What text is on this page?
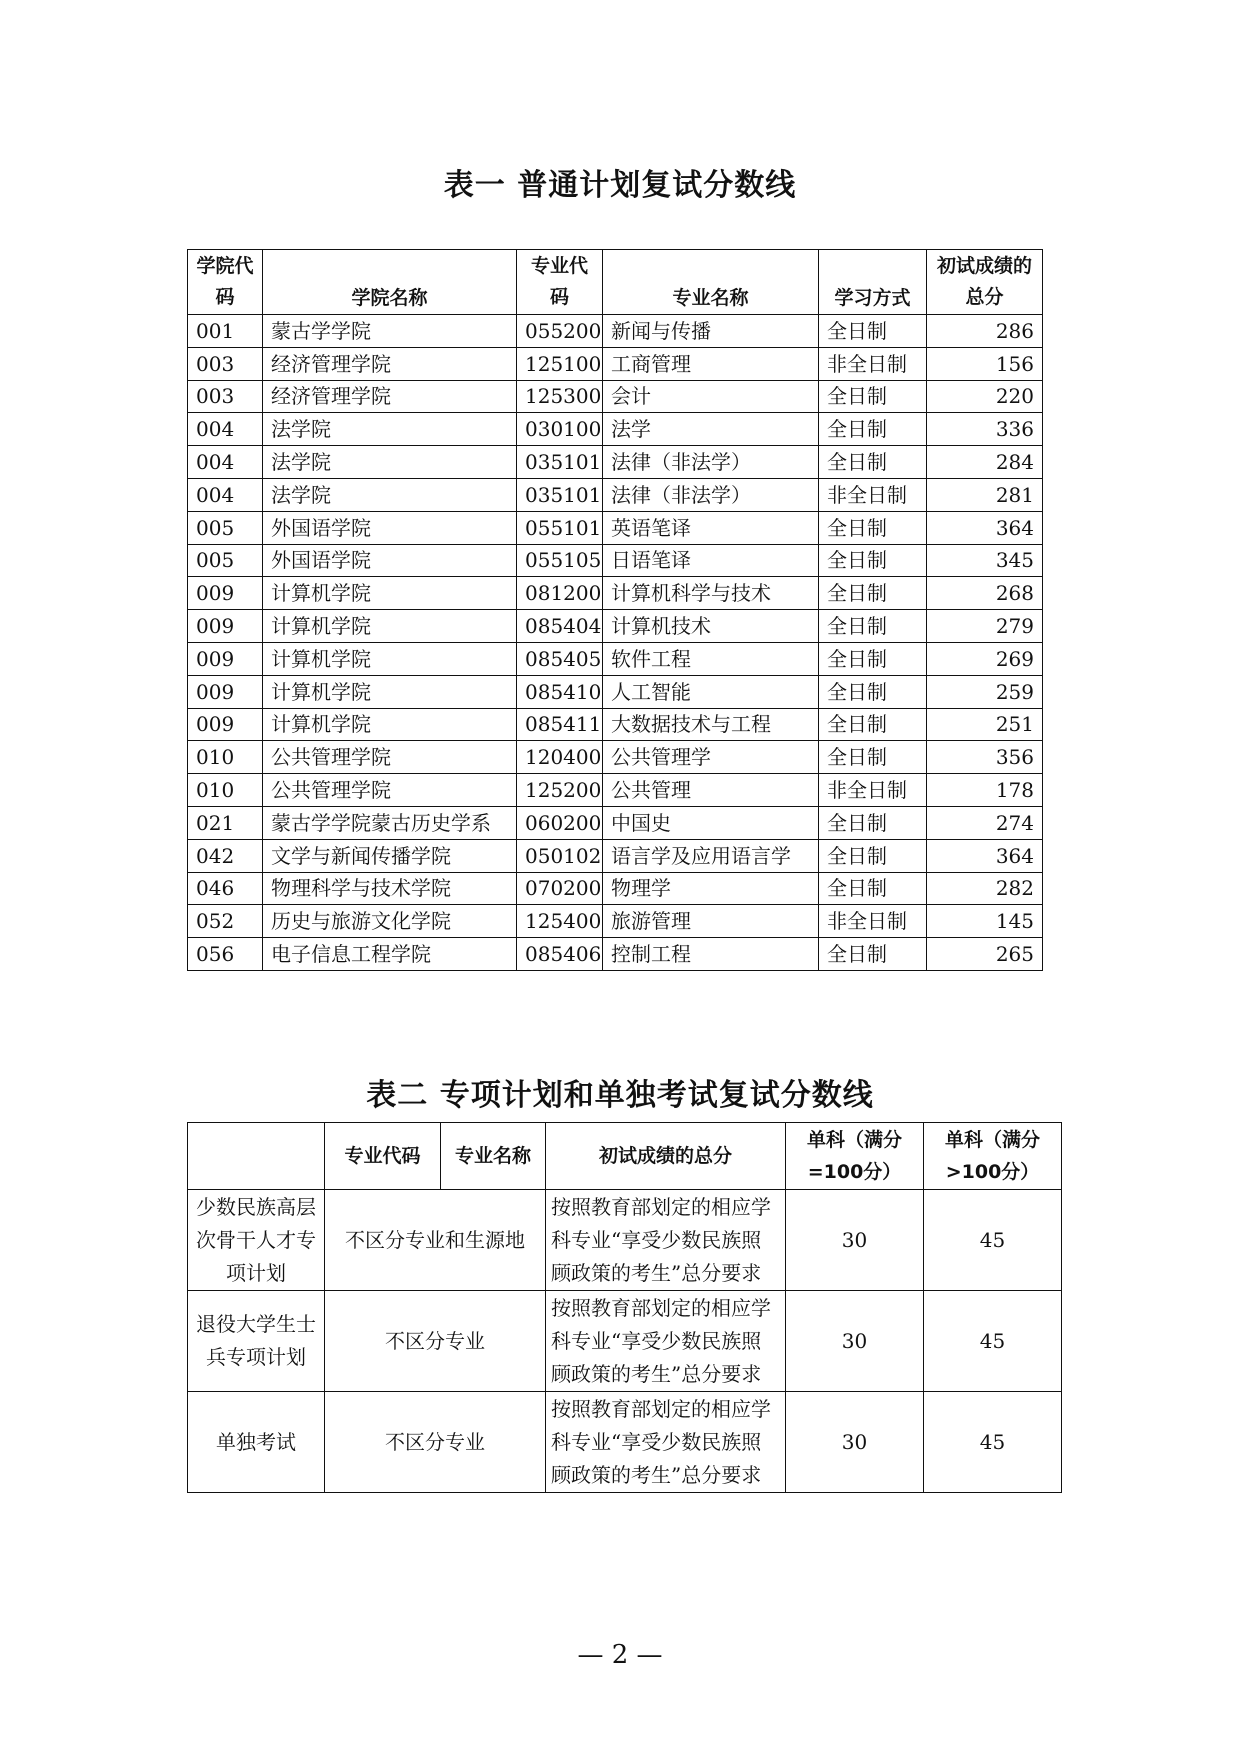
表一 普通计划复试分数线
学院代码	学院名称	专业代码	专业名称	学习方式	初试成绩的总分
001	蒙古学学院	055200	新闻与传播	全日制	286
003	经济管理学院	125100	工商管理	非全日制	156
003	经济管理学院	125300	会计	全日制	220
004	法学院	030100	法学	全日制	336
004	法学院	035101	法律（非法学）	全日制	284
004	法学院	035101	法律（非法学）	非全日制	281
005	外国语学院	055101	英语笔译	全日制	364
005	外国语学院	055105	日语笔译	全日制	345
009	计算机学院	081200	计算机科学与技术	全日制	268
009	计算机学院	085404	计算机技术	全日制	279
009	计算机学院	085405	软件工程	全日制	269
009	计算机学院	085410	人工智能	全日制	259
009	计算机学院	085411	大数据技术与工程	全日制	251
010	公共管理学院	120400	公共管理学	全日制	356
010	公共管理学院	125200	公共管理	非全日制	178
021	蒙古学学院蒙古历史学系	060200	中国史	全日制	274
042	文学与新闻传播学院	050102	语言学及应用语言学	全日制	364
046	物理科学与技术学院	070200	物理学	全日制	282
052	历史与旅游文化学院	125400	旅游管理	非全日制	145
056	电子信息工程学院	085406	控制工程	全日制	265
表二 专项计划和单独考试复试分数线
	专业代码	专业名称	初试成绩的总分	单科（满分=100分）	单科（满分>100分）
少数民族高层次骨干人才专项计划	不区分专业和生源地		按照教育部划定的相应学科专业“享受少数民族照顾政策的考生”总分要求	30	45
退役大学生士兵专项计划	不区分专业		按照教育部划定的相应学科专业“享受少数民族照顾政策的考生”总分要求	30	45
单独考试	不区分专业		按照教育部划定的相应学科专业“享受少数民族照顾政策的考生”总分要求	30	45
— 2 —
